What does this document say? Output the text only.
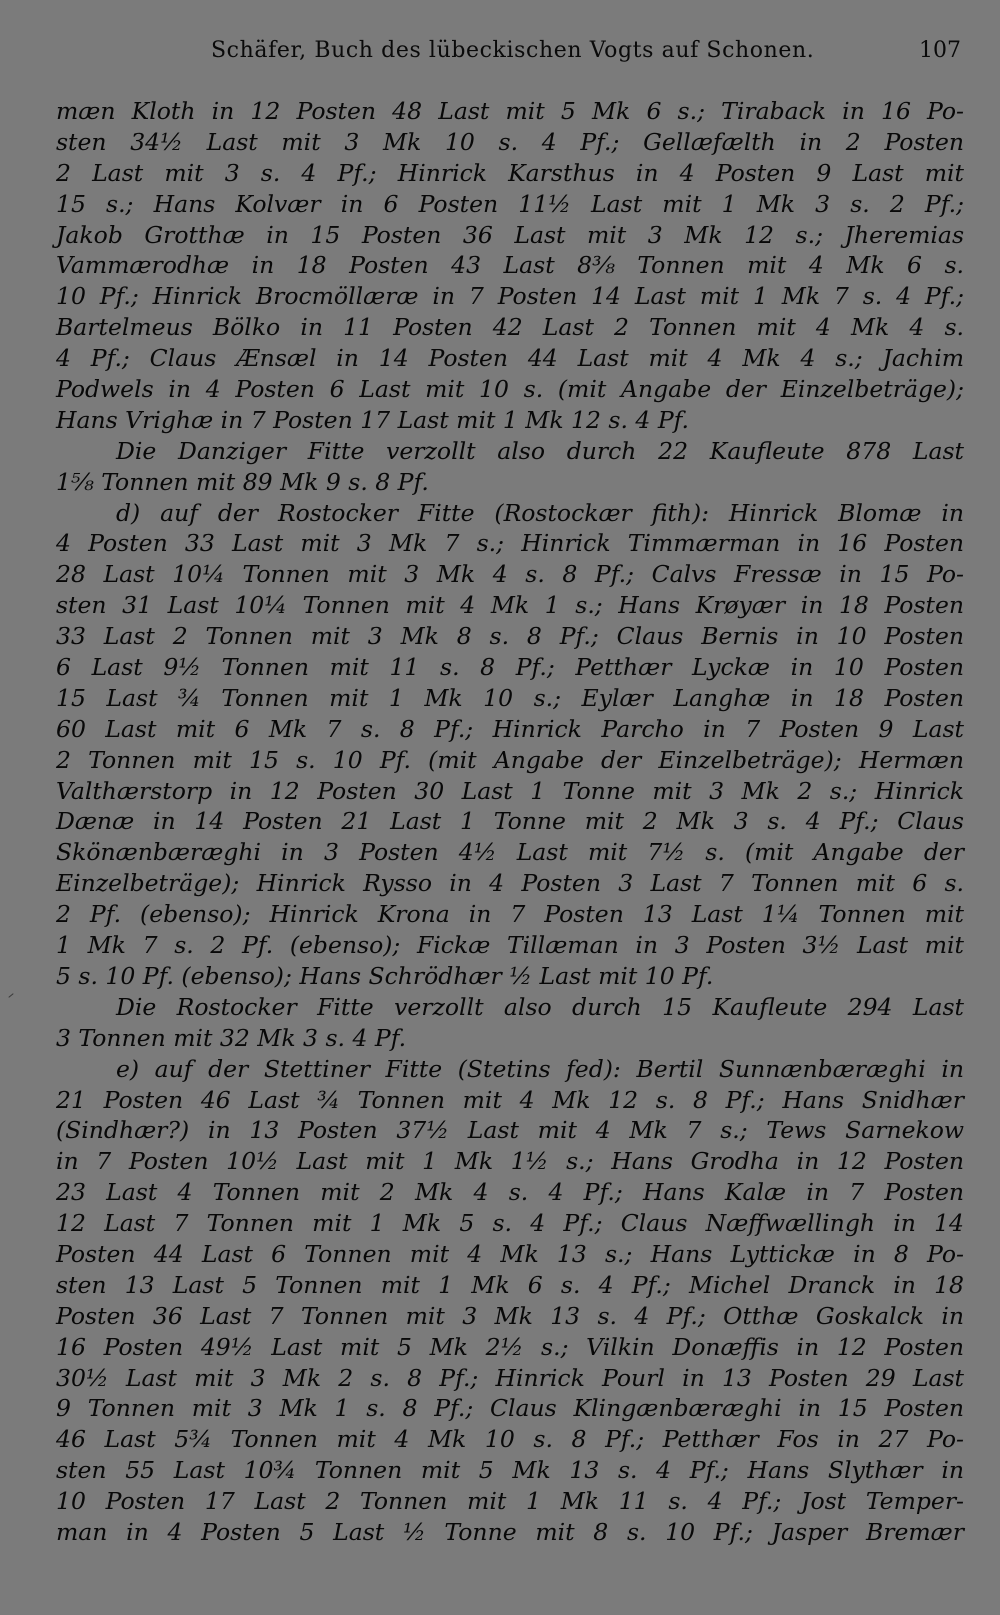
Schäfer, Buch des lübeckischen Vogts auf Schonen.	107
mæn Kloth in 12 Posten 48 Last mit 5 Mk 6 s.; Tiraback in 16 Po-
sten 34½ Last mit 3 Mk 10 s. 4 Pf.; Gellæfælth in 2 Posten
2 Last mit 3 s. 4 Pf.; Hinrick Karsthus in 4 Posten 9 Last mit
15 s.; Hans Kolvær in 6 Posten 11½ Last mit 1 Mk 3 s. 2 Pf.;
Jakob Grotthæ in 15 Posten 36 Last mit 3 Mk 12 s.; Jheremias
Vammærodhæ in 18 Posten 43 Last 8⅜ Tonnen mit 4 Mk 6 s.
10 Pf.; Hinrick Brocmöllæræ in 7 Posten 14 Last mit 1 Mk 7 s. 4 Pf.;
Bartelmeus Bölko in 11 Posten 42 Last 2 Tonnen mit 4 Mk 4 s.
4 Pf.; Claus Ænsæl in 14 Posten 44 Last mit 4 Mk 4 s.; Jachim
Podwels in 4 Posten 6 Last mit 10 s. (mit Angabe der Einzelbeträge);
Hans Vrighæ in 7 Posten 17 Last mit 1 Mk 12 s. 4 Pf.
Die Danziger Fitte verzollt also durch 22 Kaufleute 878 Last
1⅝ Tonnen mit 89 Mk 9 s. 8 Pf.
d) auf der Rostocker Fitte (Rostockær fith): Hinrick Blomæ in
4 Posten 33 Last mit 3 Mk 7 s.; Hinrick Timmærman in 16 Posten
28 Last 10¼ Tonnen mit 3 Mk 4 s. 8 Pf.; Calvs Fressæ in 15 Po-
sten 31 Last 10¼ Tonnen mit 4 Mk 1 s.; Hans Krøyær in 18 Posten
33 Last 2 Tonnen mit 3 Mk 8 s. 8 Pf.; Claus Bernis in 10 Posten
6 Last 9½ Tonnen mit 11 s. 8 Pf.; Petthær Lyckæ in 10 Posten
15 Last ¾ Tonnen mit 1 Mk 10 s.; Eylær Langhæ in 18 Posten
60 Last mit 6 Mk 7 s. 8 Pf.; Hinrick Parcho in 7 Posten 9 Last
2 Tonnen mit 15 s. 10 Pf. (mit Angabe der Einzelbeträge); Hermæn
Valthærstorp in 12 Posten 30 Last 1 Tonne mit 3 Mk 2 s.; Hinrick
Dænæ in 14 Posten 21 Last 1 Tonne mit 2 Mk 3 s. 4 Pf.; Claus
Skönænbæræghi in 3 Posten 4½ Last mit 7½ s. (mit Angabe der
Einzelbeträge); Hinrick Rysso in 4 Posten 3 Last 7 Tonnen mit 6 s.
2 Pf. (ebenso); Hinrick Krona in 7 Posten 13 Last 1¼ Tonnen mit
1 Mk 7 s. 2 Pf. (ebenso); Fickæ Tillæman in 3 Posten 3½ Last mit
5 s. 10 Pf. (ebenso); Hans Schrödhær ½ Last mit 10 Pf.
Die Rostocker Fitte verzollt also durch 15 Kaufleute 294 Last
3 Tonnen mit 32 Mk 3 s. 4 Pf.
e) auf der Stettiner Fitte (Stetins fed): Bertil Sunnænbæræghi in
21 Posten 46 Last ¾ Tonnen mit 4 Mk 12 s. 8 Pf.; Hans Snidhær
(Sindhær?) in 13 Posten 37½ Last mit 4 Mk 7 s.; Tews Sarnekow
in 7 Posten 10½ Last mit 1 Mk 1½ s.; Hans Grodha in 12 Posten
23 Last 4 Tonnen mit 2 Mk 4 s. 4 Pf.; Hans Kalæ in 7 Posten
12 Last 7 Tonnen mit 1 Mk 5 s. 4 Pf.; Claus Næffwællingh in 14
Posten 44 Last 6 Tonnen mit 4 Mk 13 s.; Hans Lyttickæ in 8 Po-
sten 13 Last 5 Tonnen mit 1 Mk 6 s. 4 Pf.; Michel Dranck in 18
Posten 36 Last 7 Tonnen mit 3 Mk 13 s. 4 Pf.; Otthæ Goskalck in
16 Posten 49½ Last mit 5 Mk 2½ s.; Vilkin Donæffis in 12 Posten
30½ Last mit 3 Mk 2 s. 8 Pf.; Hinrick Pourl in 13 Posten 29 Last
9 Tonnen mit 3 Mk 1 s. 8 Pf.; Claus Klingænbæræghi in 15 Posten
46 Last 5¾ Tonnen mit 4 Mk 10 s. 8 Pf.; Petthær Fos in 27 Po-
sten 55 Last 10¾ Tonnen mit 5 Mk 13 s. 4 Pf.; Hans Slythær in
10 Posten 17 Last 2 Tonnen mit 1 Mk 11 s. 4 Pf.; Jost Temper-
man in 4 Posten 5 Last ½ Tonne mit 8 s. 10 Pf.; Jasper Bremær
